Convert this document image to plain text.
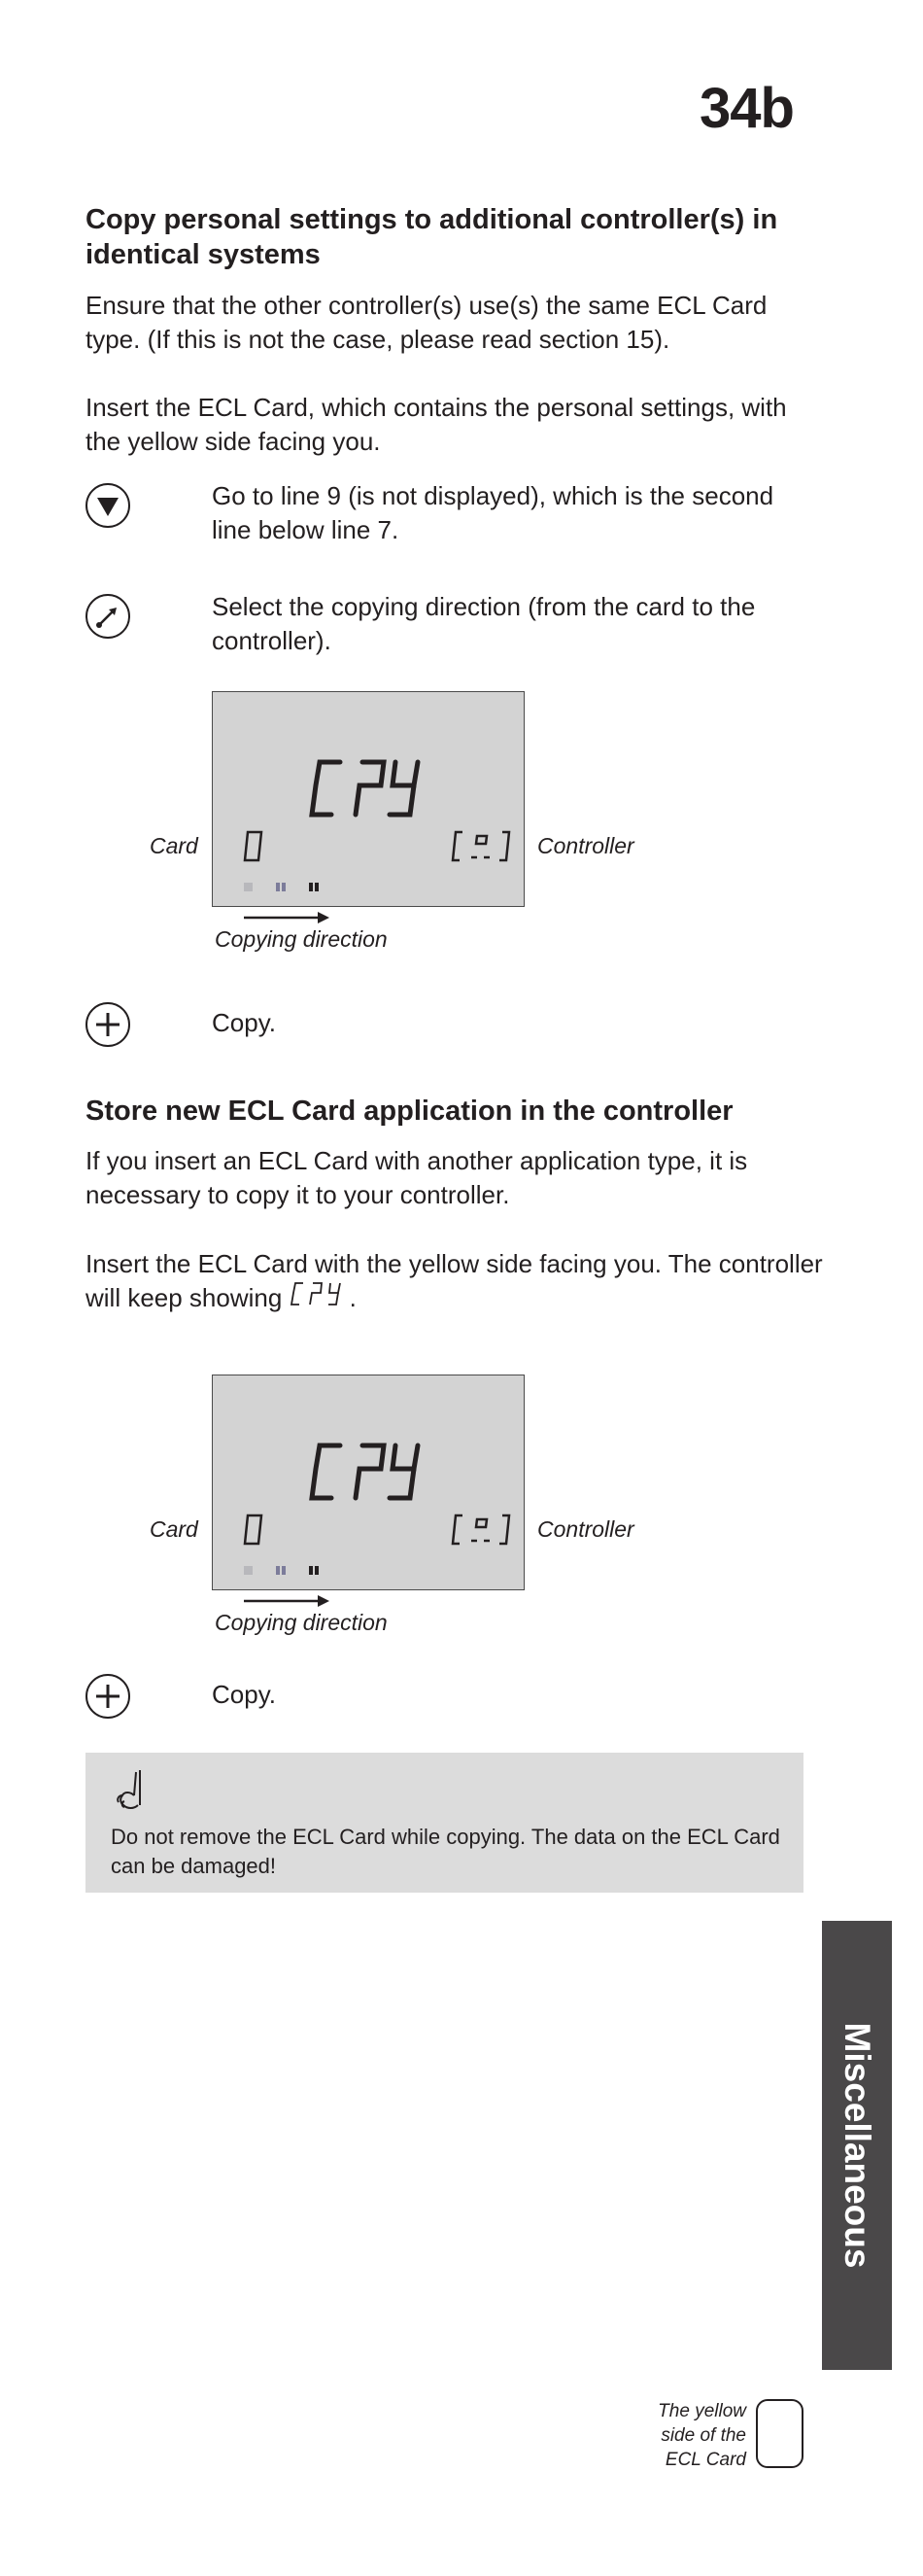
34b
Copy personal settings to additional controller(s) in identical systems
Ensure that the other controller(s) use(s) the same ECL Card type. (If this is not the case, please read section 15).
Insert the ECL Card, which contains the personal settings, with the yellow side facing you.
Go to line 9 (is not displayed), which is the second line below line 7.
Select the copying direction (from the card to the controller).
Card	Controller
Copying direction
Copy.
Store new ECL Card application in the controller
If you insert an ECL Card with another application type, it is necessary to copy it to your controller.
Insert the ECL Card with the yellow side facing you. The controller will keep showing	.
Card	Controller
Copying direction
Copy.
Do not remove the ECL Card while copying. The data on the ECL Card can be damaged!
Miscellaneous
The yellow
side of the
ECL Card
